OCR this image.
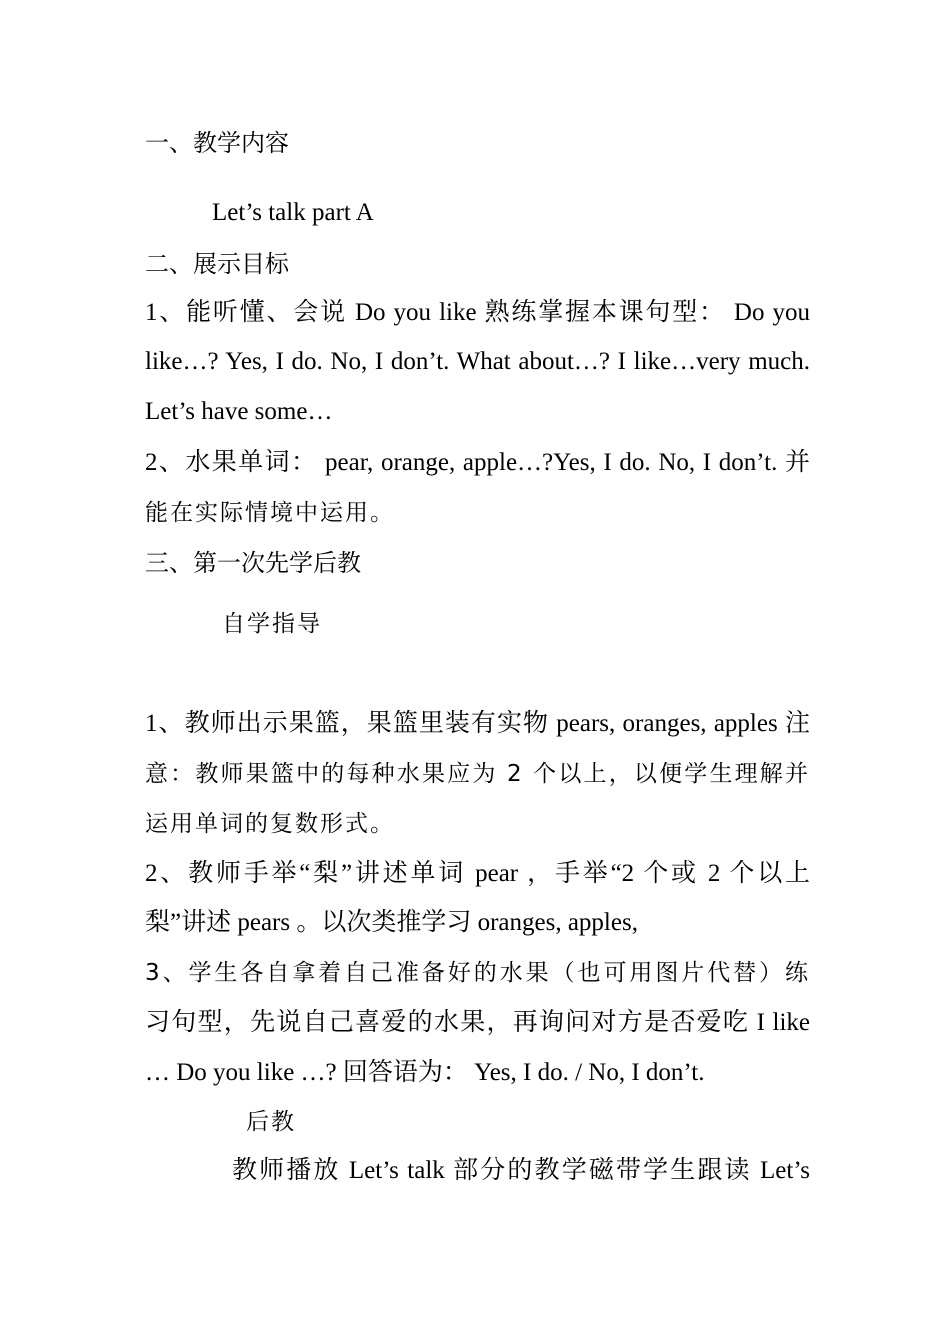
一、教学内容
Let’s talk part A
二、展示目标
1、能听懂、会说 Do you like 熟练掌握本课句型： Do you
like…? Yes, I do. No, I don’t. What about…? I like…very much.
Let’s have some…
2、水果单词： pear, orange, apple…?Yes, I do. No, I don’t. 并
能在实际情境中运用。
三、第一次先学后教
自学指导
1、教师出示果篮，果篮里装有实物 pears, oranges, apples 注
意：教师果篮中的每种水果应为 2 个以上，以便学生理解并
运用单词的复数形式。
2、教师手举“梨”讲述单词 pear ，手举“2 个或 2 个以上
梨”讲述 pears 。以次类推学习 oranges, apples,
3、学生各自拿着自己准备好的水果（也可用图片代替）练
习句型，先说自己喜爱的水果，再询问对方是否爱吃 I like
… Do you like …? 回答语为： Yes, I do. / No, I don’t.
后教
教师播放 Let’s talk 部分的教学磁带学生跟读 Let’s
